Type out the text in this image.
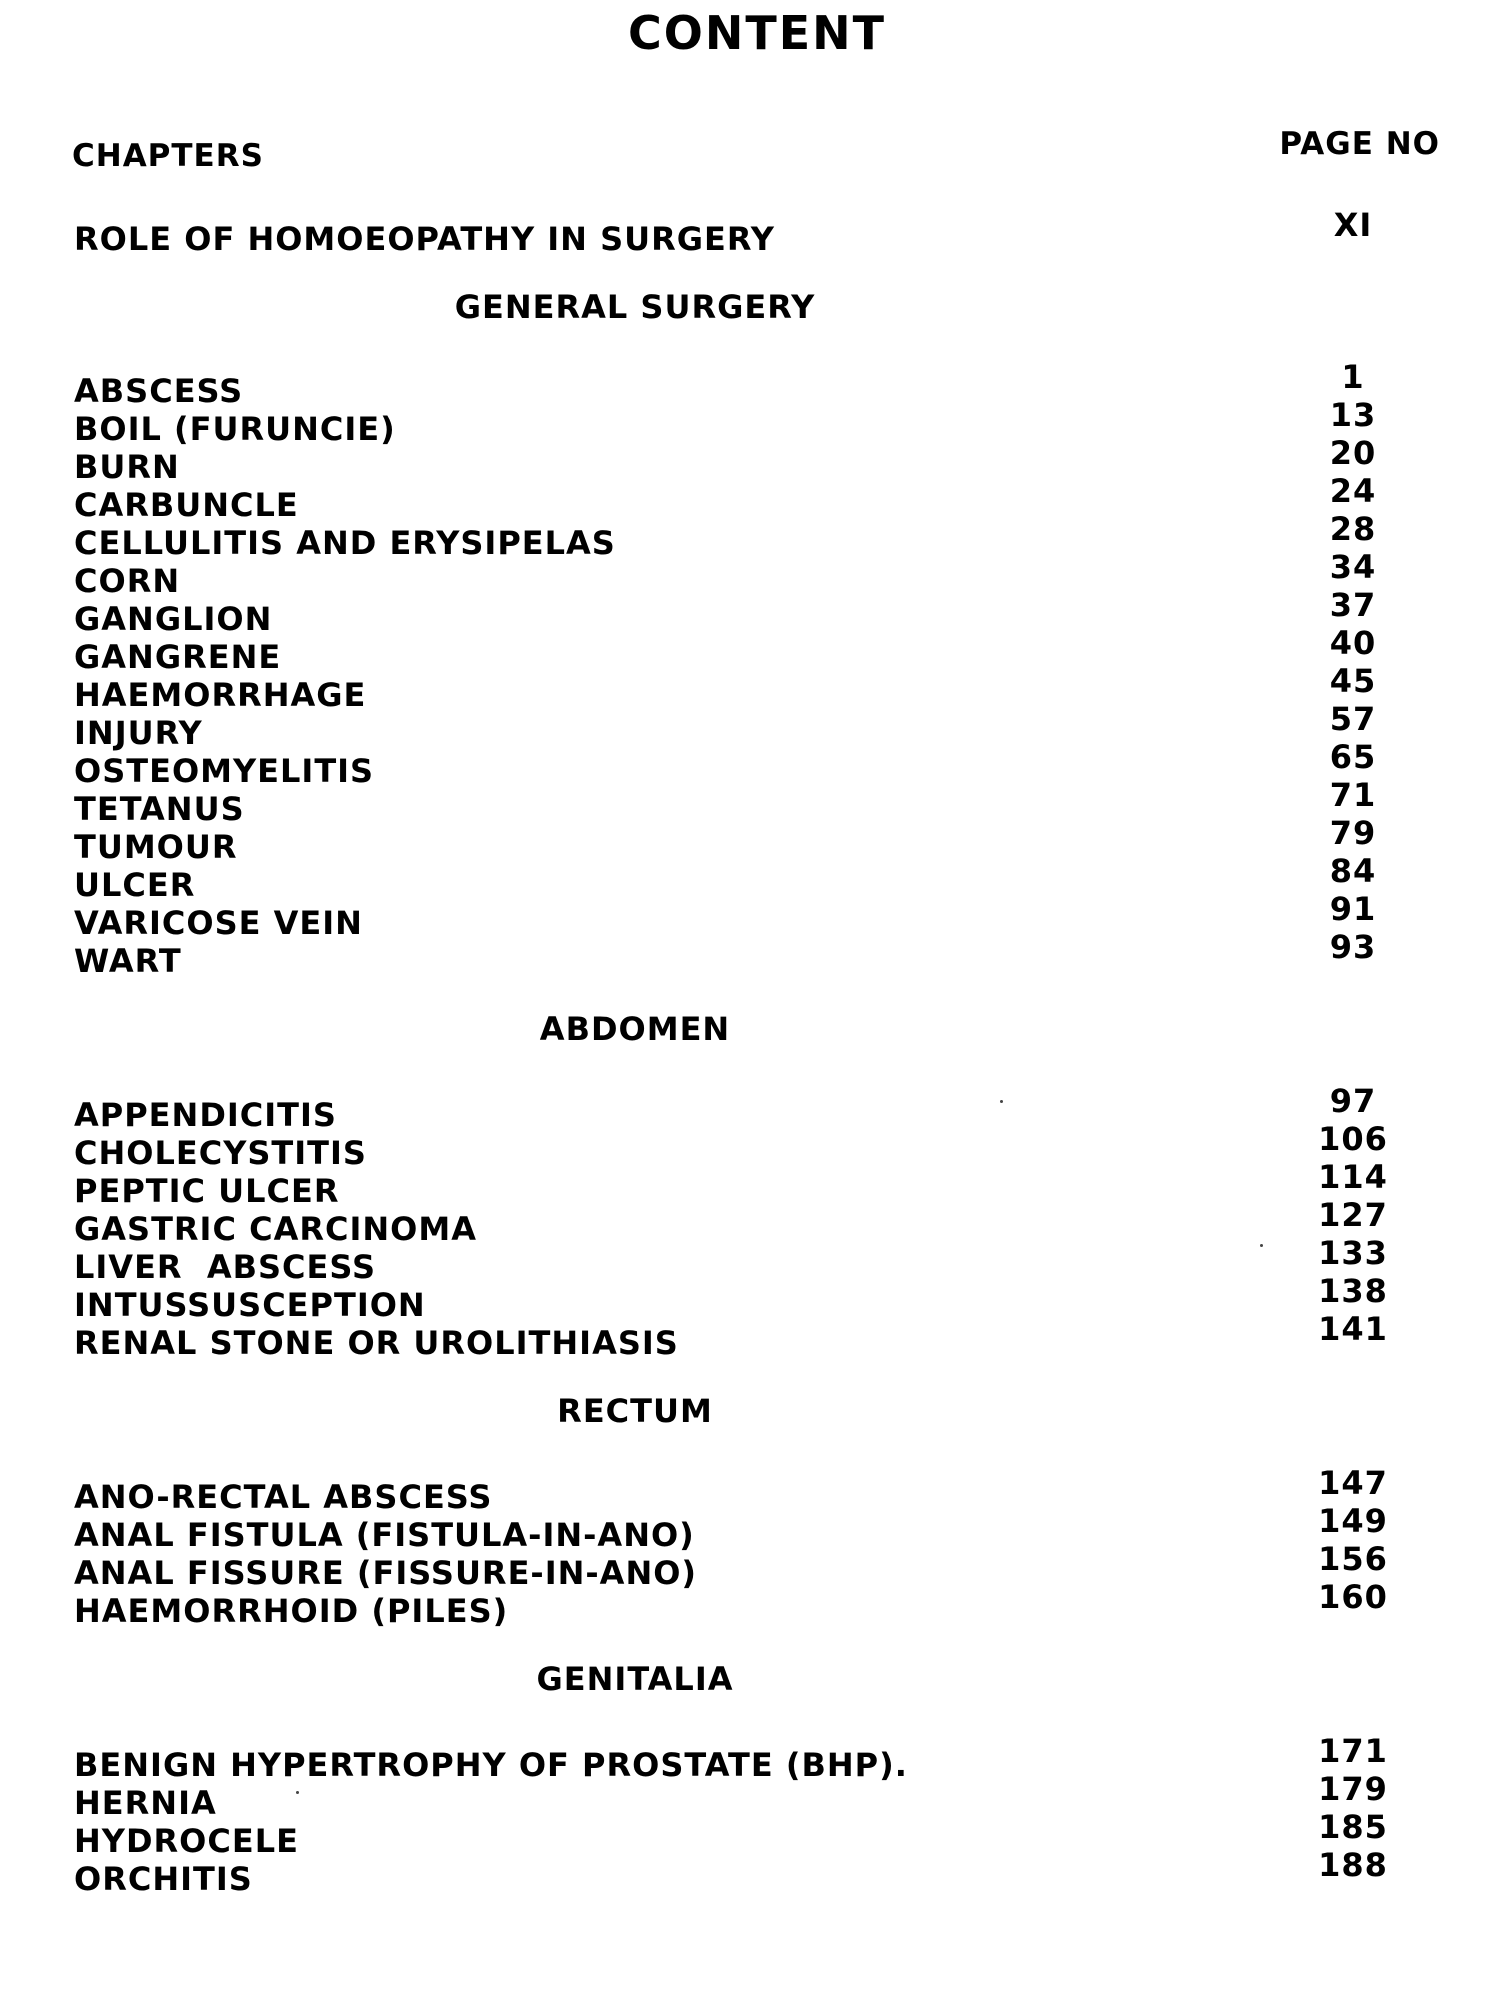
CONTENT
CHAPTERS	PAGE NO
ROLE OF HOMOEOPATHY IN SURGERY	XI
GENERAL SURGERY
ABSCESS	1
BOIL (FURUNCIE)	13
BURN	20
CARBUNCLE	24
CELLULITIS AND ERYSIPELAS	28
CORN	34
GANGLION	37
GANGRENE	40
HAEMORRHAGE	45
INJURY	57
OSTEOMYELITIS	65
TETANUS	71
TUMOUR	79
ULCER	84
VARICOSE VEIN	91
WART	93
ABDOMEN
APPENDICITIS	97
CHOLECYSTITIS	106
PEPTIC ULCER	114
GASTRIC CARCINOMA	127
LIVER  ABSCESS	133
INTUSSUSCEPTION	138
RENAL STONE OR UROLITHIASIS	141
RECTUM
ANO-RECTAL ABSCESS	147
ANAL FISTULA (FISTULA-IN-ANO)	149
ANAL FISSURE (FISSURE-IN-ANO)	156
HAEMORRHOID (PILES)	160
GENITALIA
BENIGN HYPERTROPHY OF PROSTATE (BHP).	171
HERNIA	179
HYDROCELE	185
ORCHITIS	188
